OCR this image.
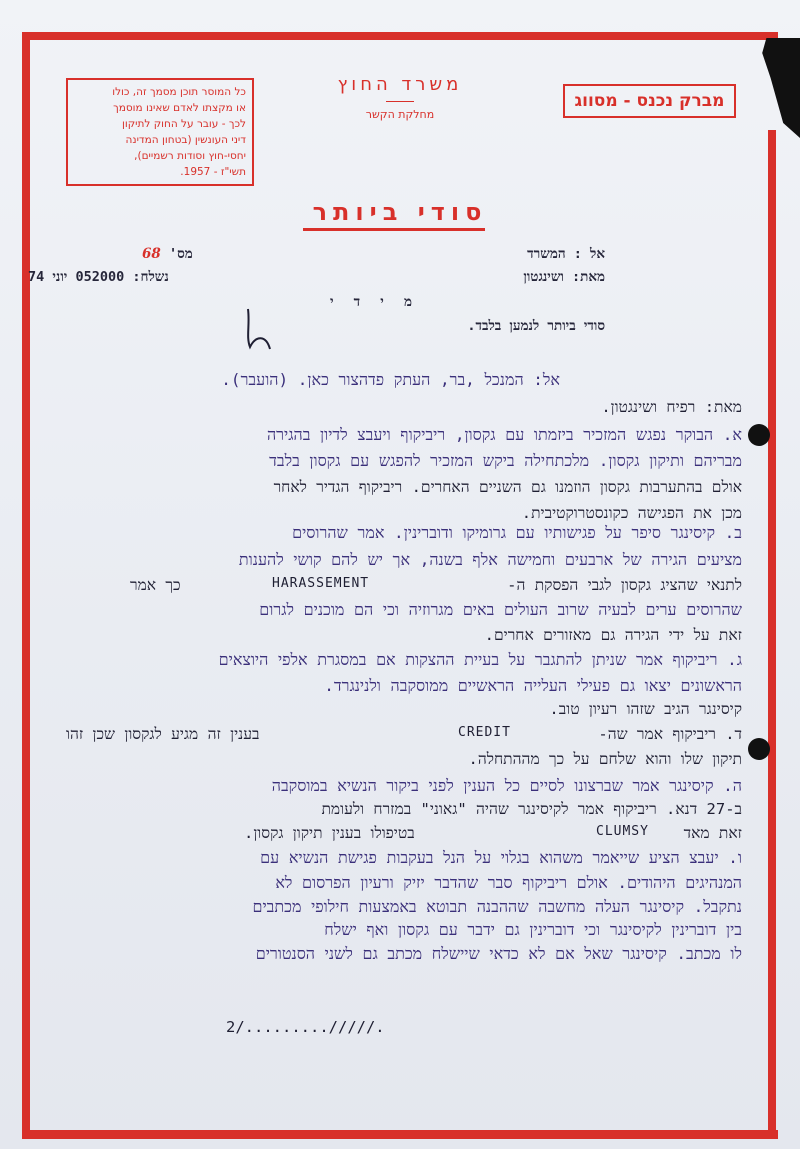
כל המוסר תוכן מסמך זה, כולו
או מקצתו לאדם שאינו מוסמך
לכך - עובר על החוק לתיקון
דיני העונשין (בטחון המדינה
יחסי-חוץ וסודות רשמיים),
תשי"ז - 1957.
משרד החוץ
מחלקת הקשר
מברק נכנס - מסווג
סודי ביותר
אל : המשרד
מאת: ושינגטון
מס' 68
נשלח: 052000 יוני 74
מ י ד י
סודי ביותר לנמען בלבד.
אל: המנכל ,בר, העתק פדהצור כאן. (הועבר).
מאת: רפיח ושינגטון.
א. הבוקר נפגש המזכיר ביזמתו עם גקסון, ריביקוף ויעבצ לדיון בהגירה
מבריהם ותיקון גקסון. מלכתחילה ביקש המזכיר להפגש עם גקסון בלבד
אולם בהתערבות גקסון הוזמנו גם השניים האחרים. ריביקוף הגדיר לאחר
מכן את הפגישה כקונסטרוקטיבית.
ב. קיסינגר סיפר על פגישותיו עם גרומיקו ודוברינין. אמר שהרוסים
מציעים הגירה של ארבעים וחמישה אלף בשנה, אך יש להם קושי להענות
לתנאי שהציג גקסון לגבי הפסקת ה-
HARASSEMENT
כך אמר
שהרוסים ערים לבעיה שרוב העולים באים מגרוזיה וכי הם מוכנים לגרום
זאת על ידי הגירה גם מאזורים אחרים.
ג. ריביקוף אמר שניתן להתגבר על בעיית ההצקות אם במסגרת אלפי היוצאים
הראשונים יצאו גם פעילי העלייה הראשיים ממוסקבה ולנינגרד.
קיסינגר הגיב שזהו רעיון טוב.
ד. ריביקוף אמר שה-
CREDIT
בענין זה מגיע לגקסון שכן זהו
תיקון שלו והוא שלחם על כך מההתחלה.
ה. קיסינגר אמר שברצונו לסיים כל הענין לפני ביקור הנשיא במוסקבה
ב-27 דנא. ריביקוף אמר לקיסינגר שהיה "גאוני" במזרח ולעומת
זאת מאד
CLUMSY
בטיפולו בענין תיקון גקסון.
ו. יעבצ הציע שייאמר משהוא בגלוי על הנל בעקבות פגישת הנשיא עם
המנהיגים היהודים. אולם ריביקוף סבר שהדבר יזיק ורעיון הפרסום לא
נתקבל. קיסינגר העלה מחשבה שההבנה תבוטא באמצעות חילופי מכתבים
בין דוברינין לקיסינגר וכי דוברינין גם ידבר עם גקסון ואף ישלח
לו מכתב. קיסינגר שאל אם לא כדאי שיישלח מכתב גם לשני הסנטורים
2/........./////.
